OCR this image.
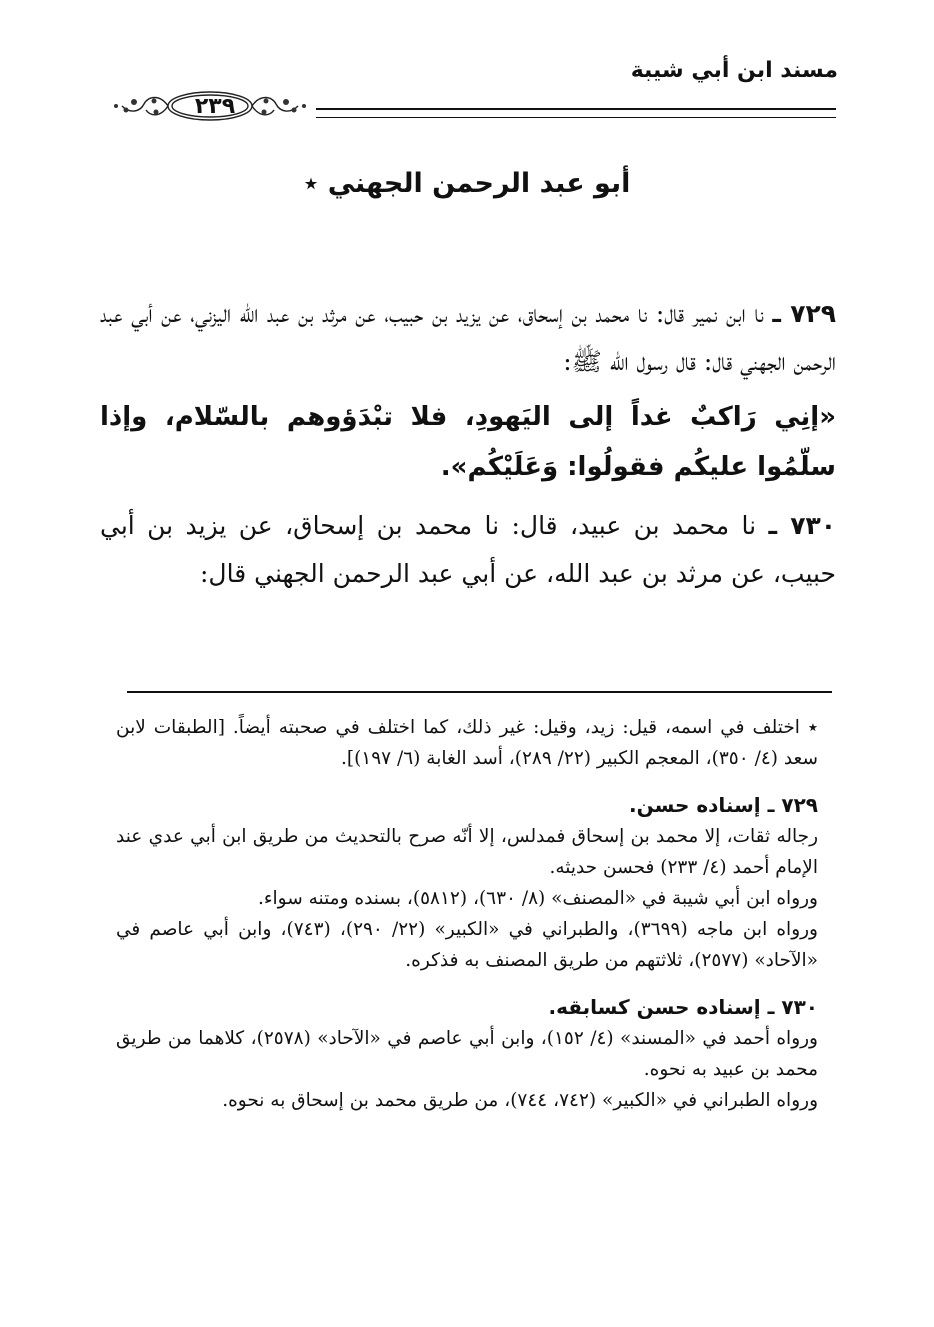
مسند ابن أبي شيبة

٢٣٩

أبو عبد الرحمن الجهني ٭

٧٢٩ ـ نا ابن نمير قال: نا محمد بن إسحاق، عن يزيد بن حبيب، عن مرثد بن عبد الله اليزني، عن أبي عبد الرحمن الجهني قال: قال رسول الله ﷺ:

«إنِي رَاكبٌ غداً إلى اليَهودِ، فلا تبْدَؤوهم بالسّلام، وإذا سلّمُوا عليكُم فقولُوا: وَعَلَيْكُم».

٧٣٠ ـ نا محمد بن عبيد، قال: نا محمد بن إسحاق، عن يزيد بن أبي حبيب، عن مرثد بن عبد الله، عن أبي عبد الرحمن الجهني قال:

٭ اختلف في اسمه، قيل: زيد، وقيل: غير ذلك، كما اختلف في صحبته أيضاً. [الطبقات لابن سعد (٤/ ٣٥٠)، المعجم الكبير (٢٢/ ٢٨٩)، أسد الغابة (٦/ ١٩٧)].

٧٢٩ ـ إسناده حسن.

رجاله ثقات، إلا محمد بن إسحاق فمدلس، إلا أنّه صرح بالتحديث من طريق ابن أبي عدي عند الإمام أحمد (٤/ ٢٣٣) فحسن حديثه.

ورواه ابن أبي شيبة في «المصنف» (٨/ ٦٣٠)، (٥٨١٢)، بسنده ومتنه سواء.

ورواه ابن ماجه (٣٦٩٩)، والطبراني في «الكبير» (٢٢/ ٢٩٠)، (٧٤٣)، وابن أبي عاصم في «الآحاد» (٢٥٧٧)، ثلاثتهم من طريق المصنف به فذكره.

٧٣٠ ـ إسناده حسن كسابقه.

ورواه أحمد في «المسند» (٤/ ١٥٢)، وابن أبي عاصم في «الآحاد» (٢٥٧٨)، كلاهما من طريق محمد بن عبيد به نحوه.

ورواه الطبراني في «الكبير» (٧٤٢، ٧٤٤)، من طريق محمد بن إسحاق به نحوه.
